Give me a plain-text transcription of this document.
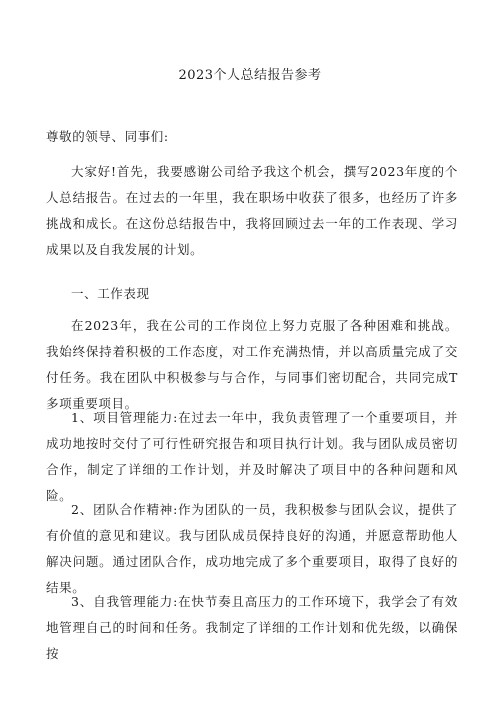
2023个人总结报告参考
尊敬的领导、同事们:

大家好!首先，我要感谢公司给予我这个机会，撰写2023年度的个人总结报告。在过去的一年里，我在职场中收获了很多，也经历了许多挑战和成长。在这份总结报告中，我将回顾过去一年的工作表现、学习成果以及自我发展的计划。

一、工作表现

在2023年，我在公司的工作岗位上努力克服了各种困难和挑战。我始终保持着积极的工作态度，对工作充满热情，并以高质量完成了交付任务。我在团队中积极参与与合作，与同事们密切配合，共同完成T多项重要项目。

1、项目管理能力:在过去一年中，我负责管理了一个重要项目，并成功地按时交付了可行性研究报告和项目执行计划。我与团队成员密切合作，制定了详细的工作计划，并及时解决了项目中的各种问题和风险。

2、团队合作精神:作为团队的一员，我积极参与团队会议，提供了有价值的意见和建议。我与团队成员保持良好的沟通，并愿意帮助他人解决问题。通过团队合作，成功地完成了多个重要项目，取得了良好的结果。

3、自我管理能力:在快节奏且高压力的工作环境下，我学会了有效地管理自己的时间和任务。我制定了详细的工作计划和优先级，以确保按
